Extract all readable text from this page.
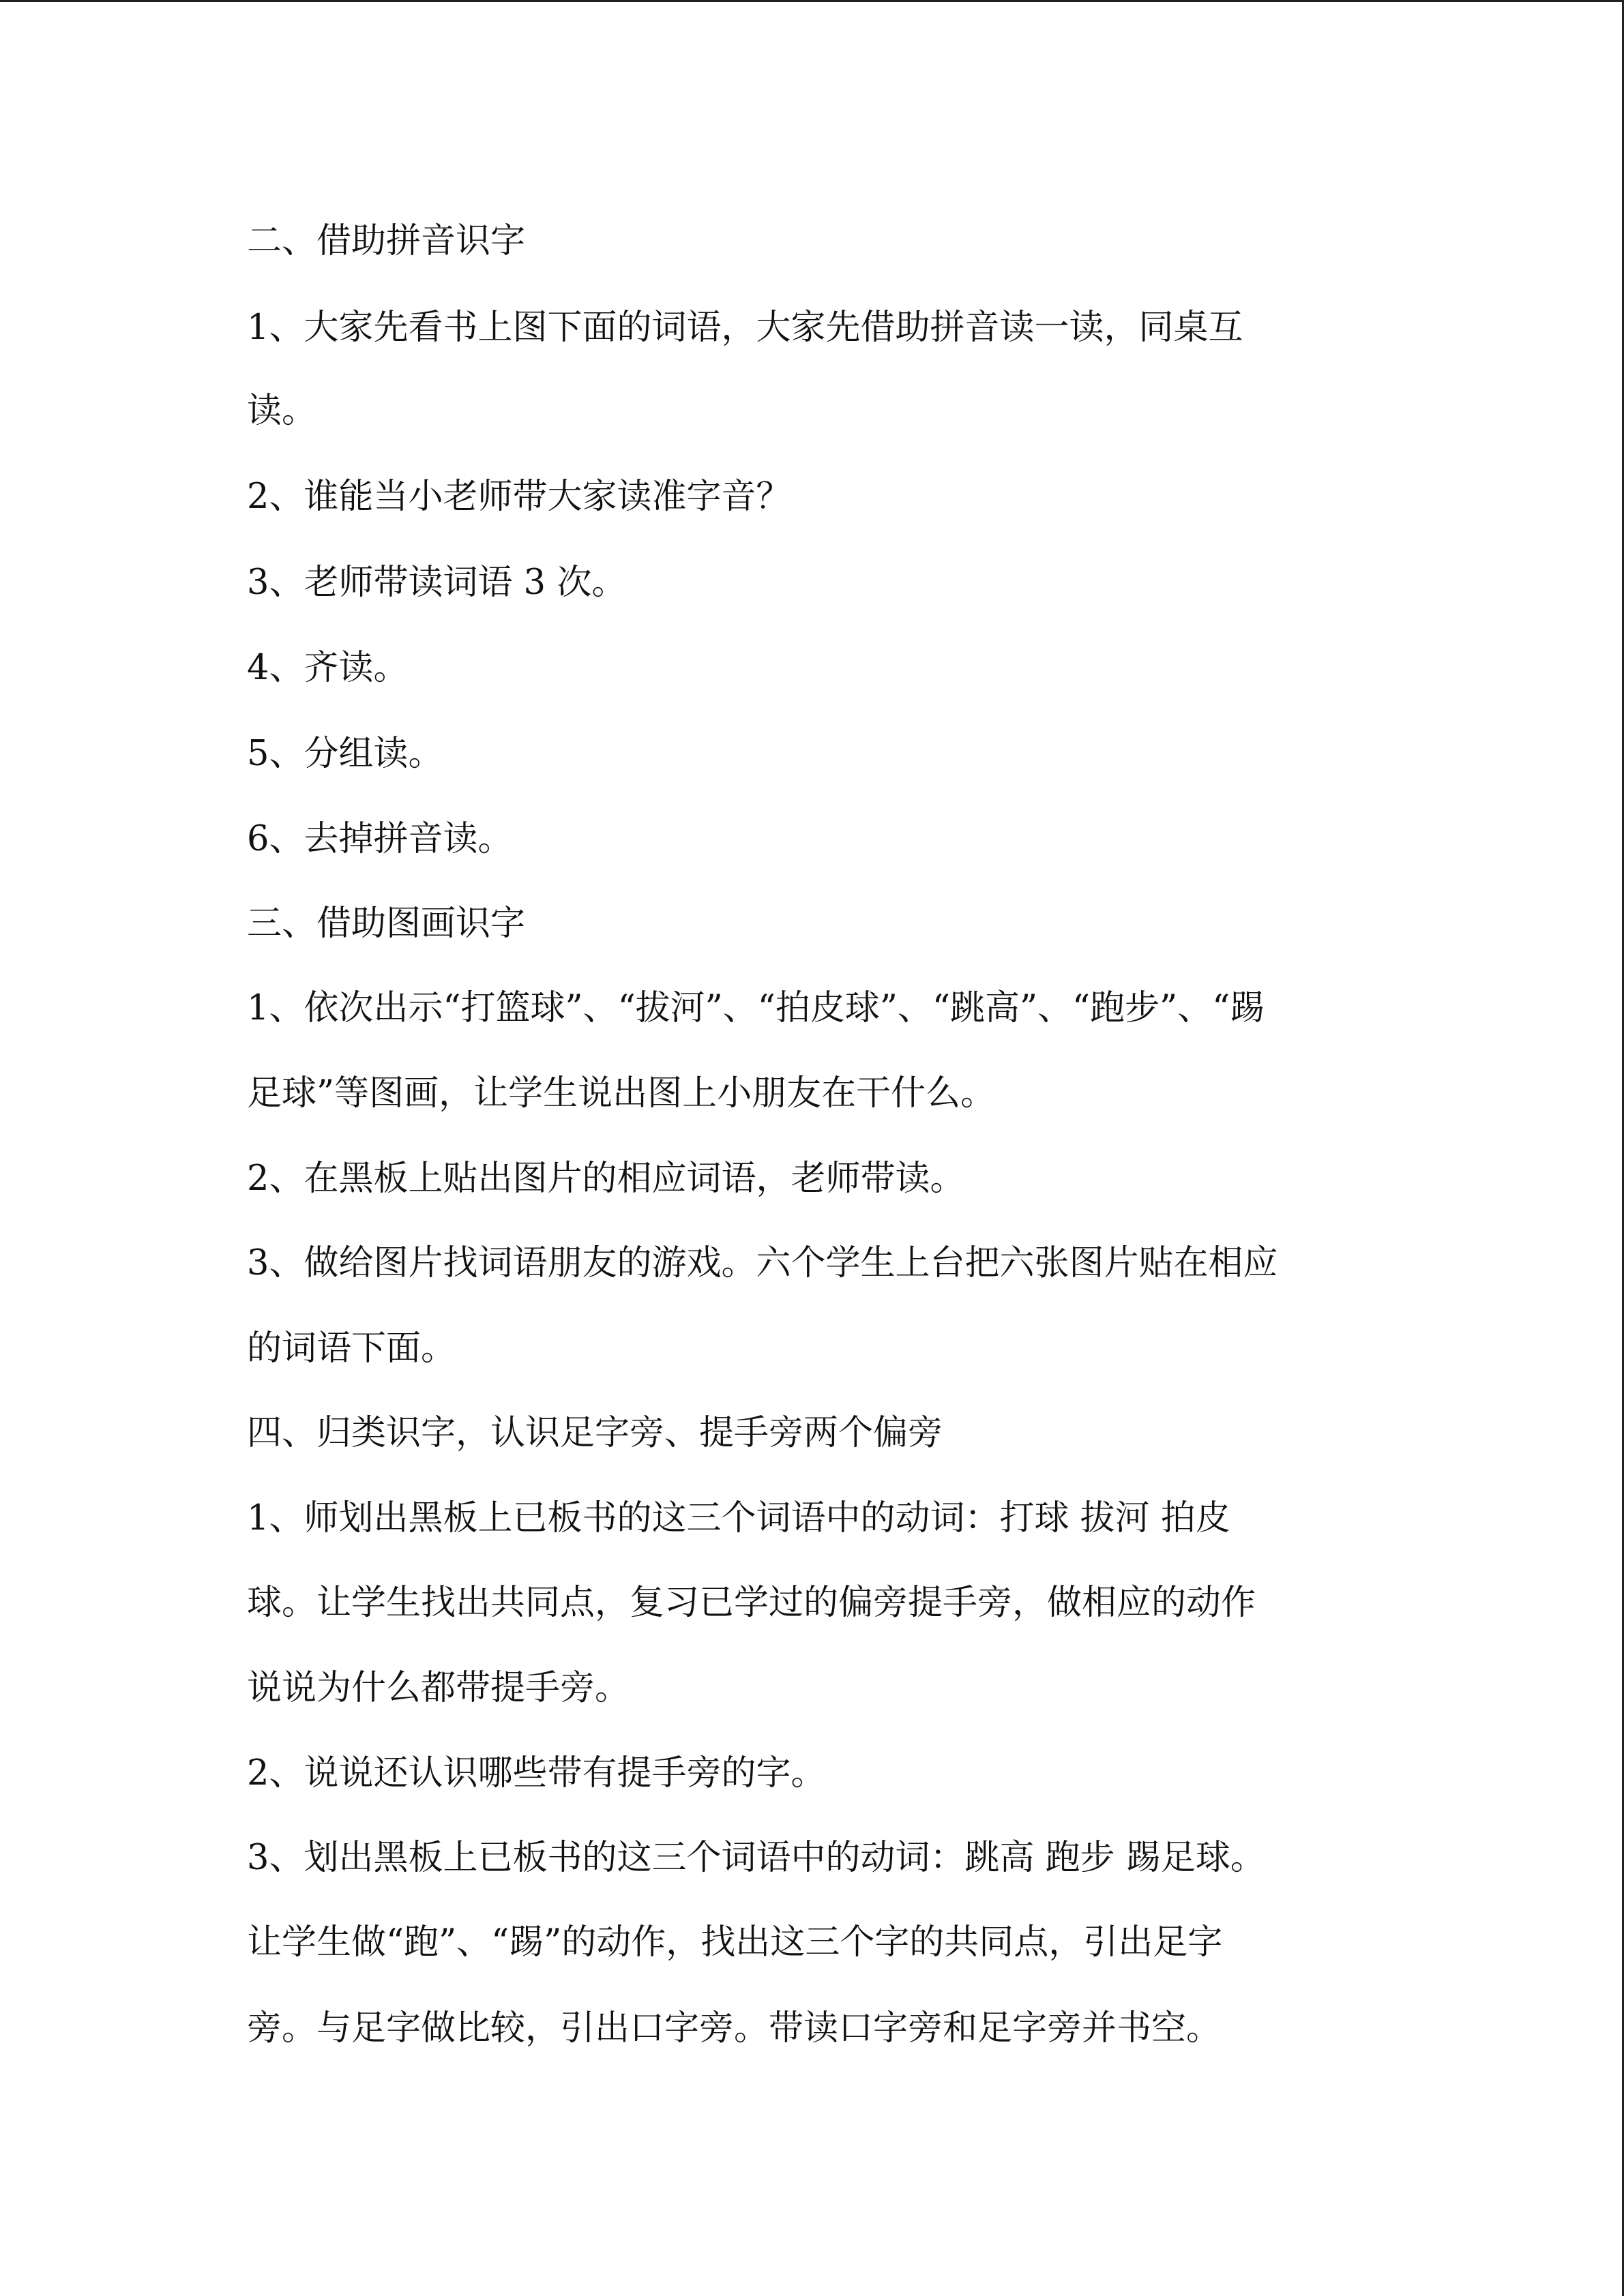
二、借助拼音识字
1、大家先看书上图下面的词语，大家先借助拼音读一读，同桌互
读。
2、谁能当小老师带大家读准字音？
3、老师带读词语 3 次。
4、齐读。
5、分组读。
6、去掉拼音读。
三、借助图画识字
1、依次出示“打篮球”、“拔河”、“拍皮球”、“跳高”、“跑步”、“踢
足球”等图画，让学生说出图上小朋友在干什么。
2、在黑板上贴出图片的相应词语，老师带读。
3、做给图片找词语朋友的游戏。六个学生上台把六张图片贴在相应
的词语下面。
四、归类识字，认识足字旁、提手旁两个偏旁
1、师划出黑板上已板书的这三个词语中的动词：打球 拔河 拍皮
球。让学生找出共同点，复习已学过的偏旁提手旁，做相应的动作
说说为什么都带提手旁。
2、说说还认识哪些带有提手旁的字。
3、划出黑板上已板书的这三个词语中的动词：跳高 跑步 踢足球。
让学生做“跑”、“踢”的动作，找出这三个字的共同点，引出足字
旁。与足字做比较，引出口字旁。带读口字旁和足字旁并书空。
